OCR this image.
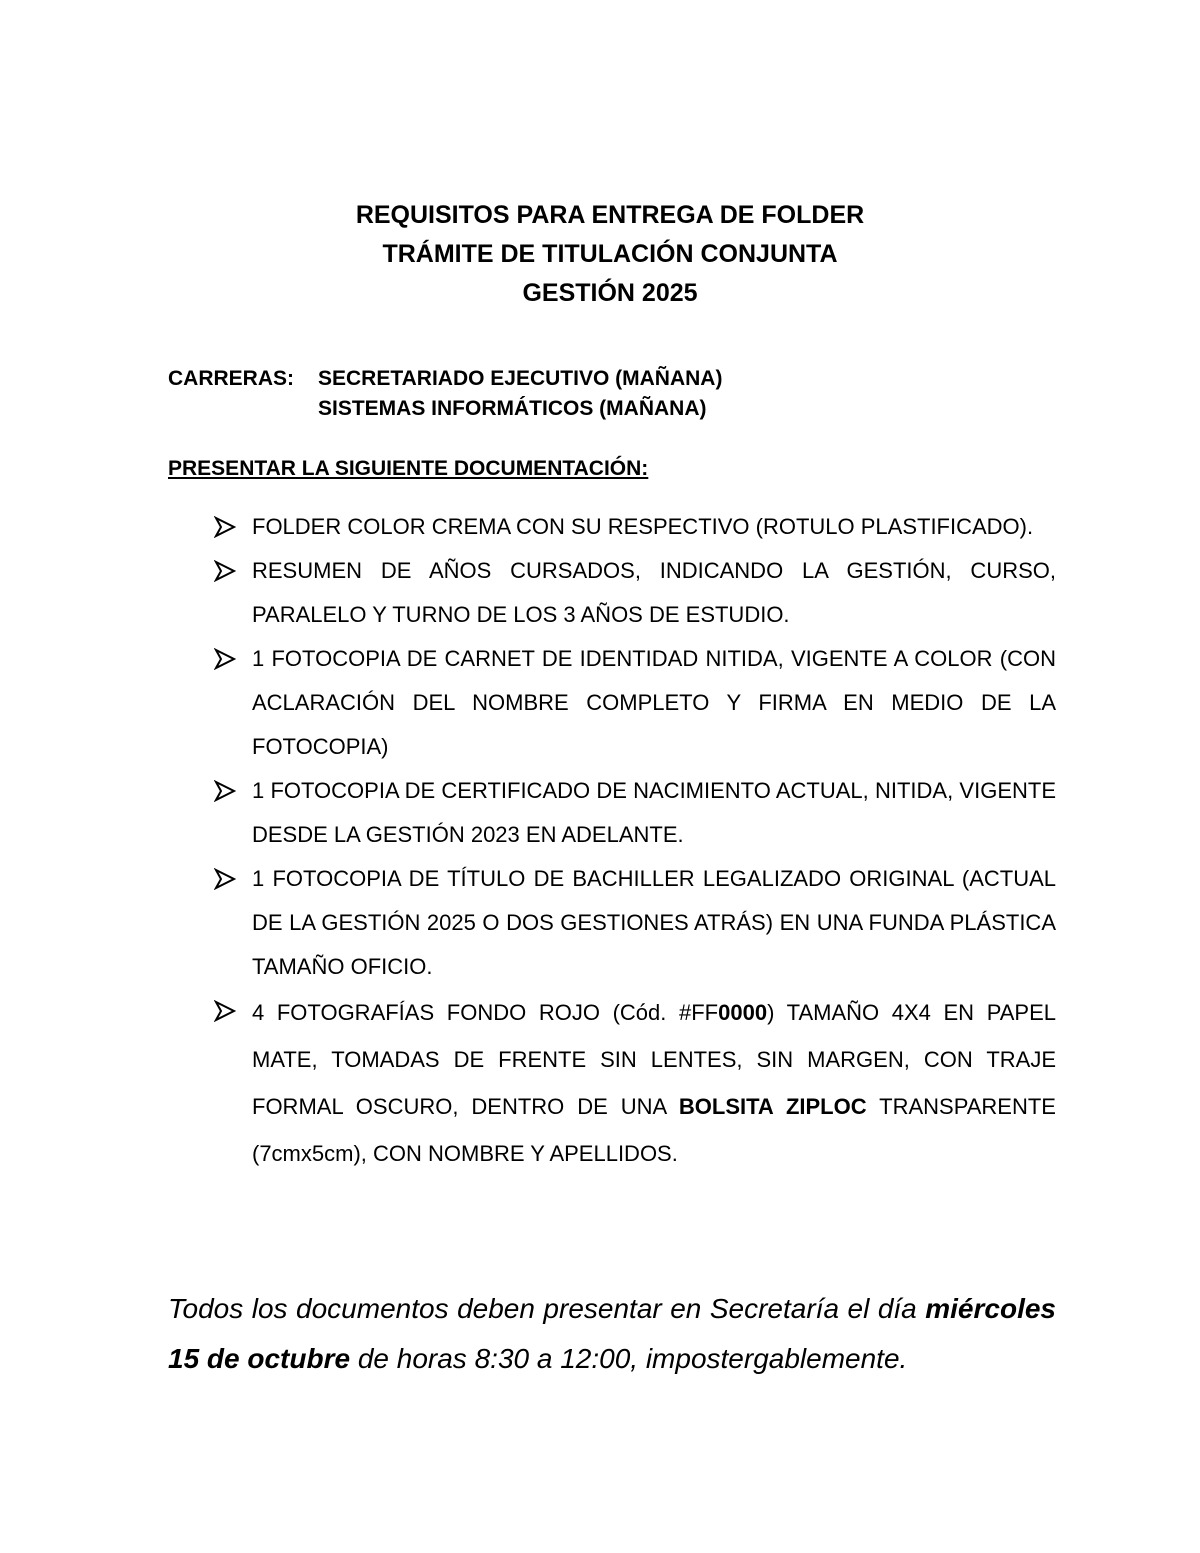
REQUISITOS PARA ENTREGA DE FOLDER
TRÁMITE DE TITULACIÓN CONJUNTA
GESTIÓN 2025
CARRERAS: SECRETARIADO EJECUTIVO (MAÑANA)
SISTEMAS INFORMÁTICOS (MAÑANA)
PRESENTAR LA SIGUIENTE DOCUMENTACIÓN:
FOLDER COLOR CREMA CON SU RESPECTIVO (ROTULO PLASTIFICADO).
RESUMEN DE AÑOS CURSADOS, INDICANDO LA GESTIÓN, CURSO, PARALELO Y TURNO DE LOS 3 AÑOS DE ESTUDIO.
1 FOTOCOPIA DE CARNET DE IDENTIDAD NITIDA, VIGENTE A COLOR (CON ACLARACIÓN DEL NOMBRE COMPLETO Y FIRMA EN MEDIO DE LA FOTOCOPIA)
1 FOTOCOPIA DE CERTIFICADO DE NACIMIENTO ACTUAL, NITIDA, VIGENTE DESDE LA GESTIÓN 2023 EN ADELANTE.
1 FOTOCOPIA DE TÍTULO DE BACHILLER LEGALIZADO ORIGINAL (ACTUAL DE LA GESTIÓN 2025 O DOS GESTIONES ATRÁS) EN UNA FUNDA PLÁSTICA TAMAÑO OFICIO.
4 FOTOGRAFÍAS FONDO ROJO (Cód. #FF0000) TAMAÑO 4X4 EN PAPEL MATE, TOMADAS DE FRENTE SIN LENTES, SIN MARGEN, CON TRAJE FORMAL OSCURO, DENTRO DE UNA BOLSITA ZIPLOC TRANSPARENTE (7cmx5cm), CON NOMBRE Y APELLIDOS.
Todos los documentos deben presentar en Secretaría el día miércoles 15 de octubre de horas 8:30 a 12:00, impostergablemente.
